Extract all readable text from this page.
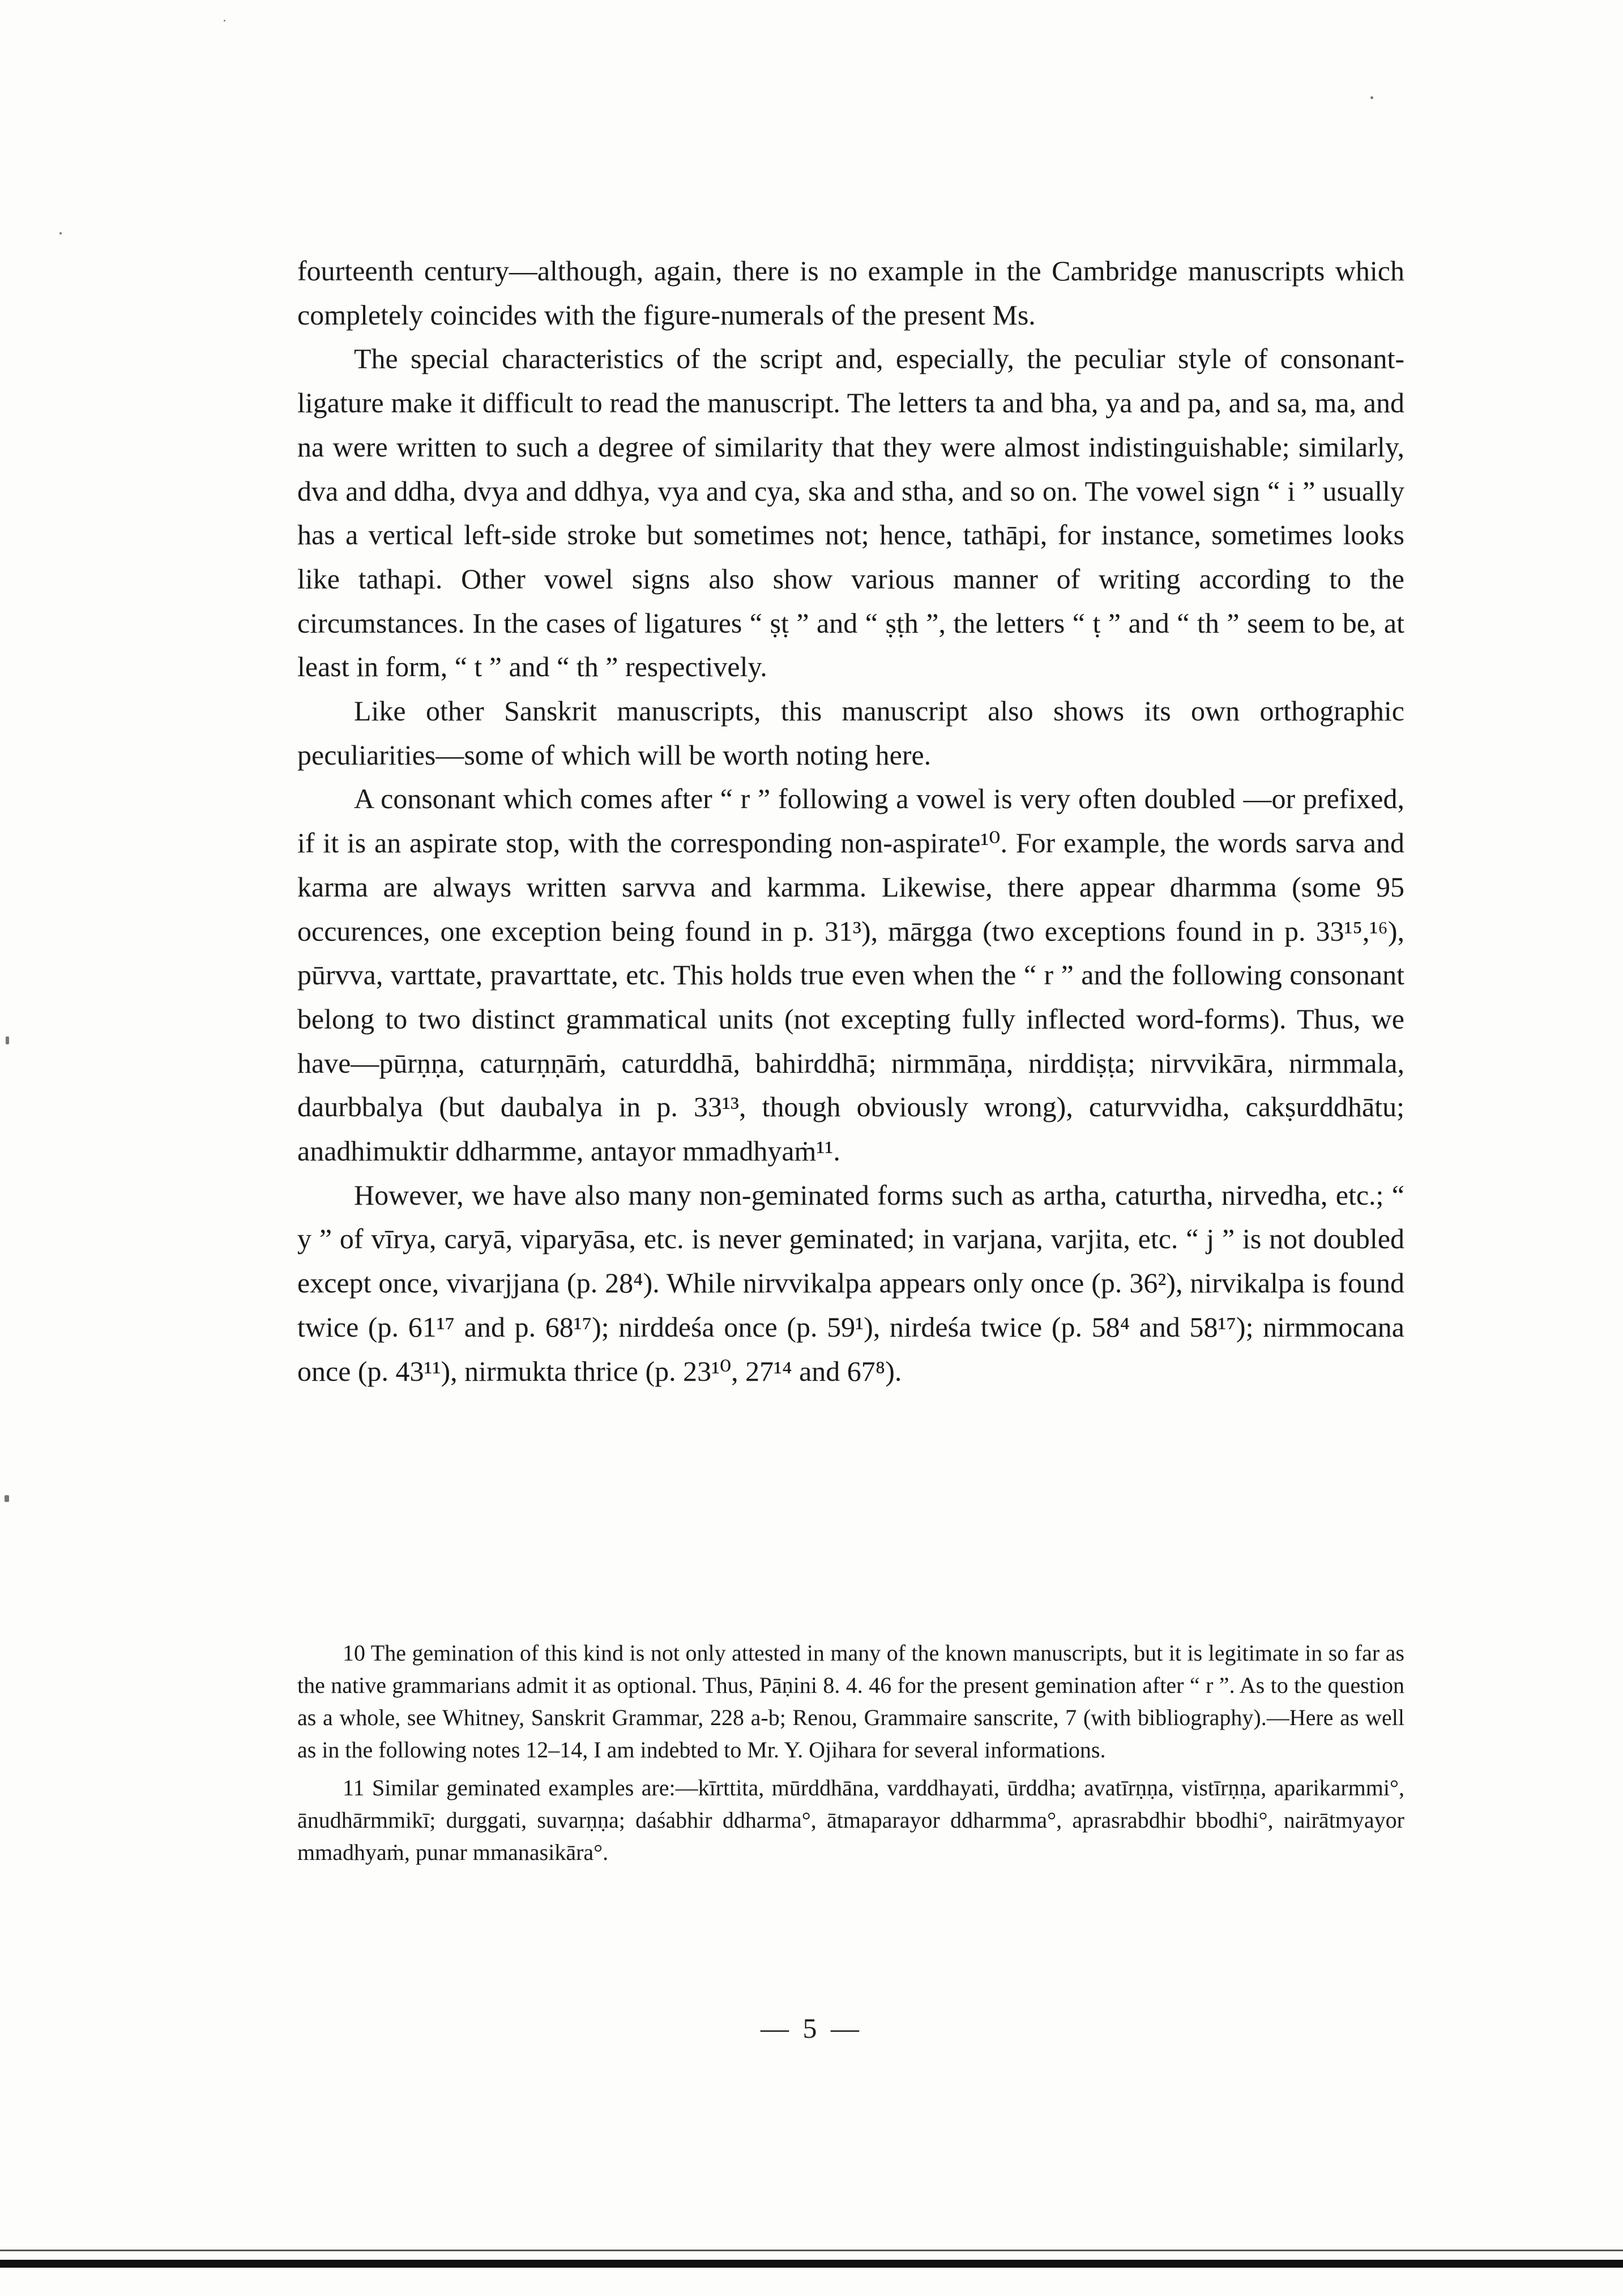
fourteenth century—although, again, there is no example in the Cambridge manuscripts which completely coincides with the figure-numerals of the present Ms.

The special characteristics of the script and, especially, the peculiar style of consonant-ligature make it difficult to read the manuscript. The letters ta and bha, ya and pa, and sa, ma, and na were written to such a degree of similarity that they were almost indistinguishable; similarly, dva and ddha, dvya and ddhya, vya and cya, ska and stha, and so on. The vowel sign “ i ” usually has a vertical left-side stroke but sometimes not; hence, tathāpi, for instance, sometimes looks like tathapi. Other vowel signs also show various manner of writing according to the circumstances. In the cases of ligatures “ ṣṭ ” and “ ṣṭh ”, the letters “ ṭ ” and “ th ” seem to be, at least in form, “ t ” and “ th ” respectively.

Like other Sanskrit manuscripts, this manuscript also shows its own orthographic peculiarities—some of which will be worth noting here.

A consonant which comes after “ r ” following a vowel is very often doubled —or prefixed, if it is an aspirate stop, with the corresponding non-aspirate¹⁰. For example, the words sarva and karma are always written sarvva and karmma. Likewise, there appear dharmma (some 95 occurences, one exception being found in p. 31³), mārgga (two exceptions found in p. 33¹⁵,¹⁶), pūrvva, varttate, pravarttate, etc. This holds true even when the “ r ” and the following consonant belong to two distinct grammatical units (not excepting fully inflected word-forms). Thus, we have—pūrṇṇa, caturṇṇāṁ, caturddhā, bahirddhā; nirmmāṇa, nirddiṣṭa; nirvvikāra, nirmmala, daurbbalya (but daubalya in p. 33¹³, though obviously wrong), caturvvidha, cakṣurddhātu; anadhimuktir ddharmme, antayor mmadhyaṁ¹¹.

However, we have also many non-geminated forms such as artha, caturtha, nirvedha, etc.; “ y ” of vīrya, caryā, viparyāsa, etc. is never geminated; in varjana, varjita, etc. “ j ” is not doubled except once, vivarjjana (p. 28⁴). While nirvvikalpa appears only once (p. 36²), nirvikalpa is found twice (p. 61¹⁷ and p. 68¹⁷); nirddeśa once (p. 59¹), nirdeśa twice (p. 58⁴ and 58¹⁷); nirmmocana once (p. 43¹¹), nirmukta thrice (p. 23¹⁰, 27¹⁴ and 67⁸).

10 The gemination of this kind is not only attested in many of the known manuscripts, but it is legitimate in so far as the native grammarians admit it as optional. Thus, Pāṇini 8. 4. 46 for the present gemination after “ r ”. As to the question as a whole, see Whitney, Sanskrit Grammar, 228 a-b; Renou, Grammaire sanscrite, 7 (with bibliography).—Here as well as in the following notes 12–14, I am indebted to Mr. Y. Ojihara for several informations.

11 Similar geminated examples are:—kīrttita, mūrddhāna, varddhayati, ūrddha; avatīrṇṇa, vistīrṇṇa, aparikarmmi°, ānudhārmmikī; durggati, suvarṇṇa; daśabhir ddharma°, ātmaparayor ddharmma°, aprasrabdhir bbodhi°, nairātmyayor mmadhyaṁ, punar mmanasikāra°.

— 5 —
